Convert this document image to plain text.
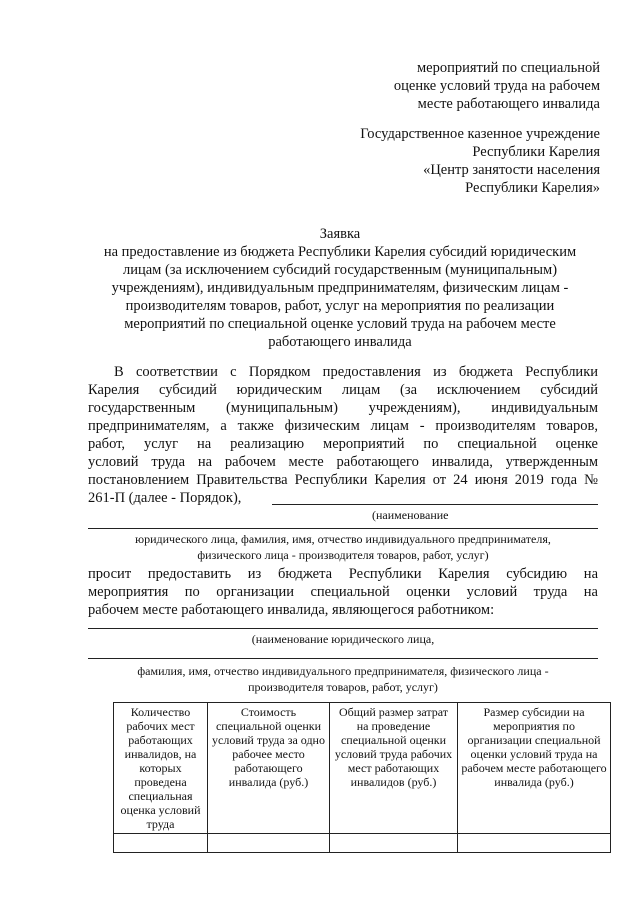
мероприятий по специальной
оценке условий труда на рабочем
месте работающего инвалида
Государственное казенное учреждение
Республики Карелия
«Центр занятости населения
Республики Карелия»
Заявка
на предоставление из бюджета Республики Карелия субсидий юридическим
лицам (за исключением субсидий государственным (муниципальным)
учреждениям), индивидуальным предпринимателям, физическим лицам -
производителям товаров, работ, услуг на мероприятия по реализации
мероприятий по специальной оценке условий труда на рабочем месте
работающего инвалида
В соответствии с Порядком предоставления из бюджета Республики
Карелия субсидий юридическим лицам (за исключением субсидий
государственным (муниципальным) учреждениям), индивидуальным
предпринимателям, а также физическим лицам - производителям товаров,
работ, услуг на реализацию мероприятий по специальной оценке
условий труда на рабочем месте работающего инвалида, утвержденным
постановлением Правительства Республики Карелия от 24 июня 2019 года №
261-П (далее - Порядок),
(наименование
юридического лица, фамилия, имя, отчество индивидуального предпринимателя,
физического лица - производителя товаров, работ, услуг)
просит предоставить из бюджета Республики Карелия субсидию на
мероприятия по организации специальной оценки условий труда на
рабочем месте работающего инвалида, являющегося работником:
(наименование юридического лица,
фамилия, имя, отчество индивидуального предпринимателя, физического лица -
производителя товаров, работ, услуг)
Количество рабочих мест работающих инвалидов, на которых проведена специальная оценка условий труда	Стоимость специальной оценки условий труда за одно рабочее место работающего инвалида (руб.)	Общий размер затрат на проведение специальной оценки условий труда рабочих мест работающих инвалидов (руб.)	Размер субсидии на мероприятия по организации специальной оценки условий труда на рабочем месте работающего инвалида (руб.)
